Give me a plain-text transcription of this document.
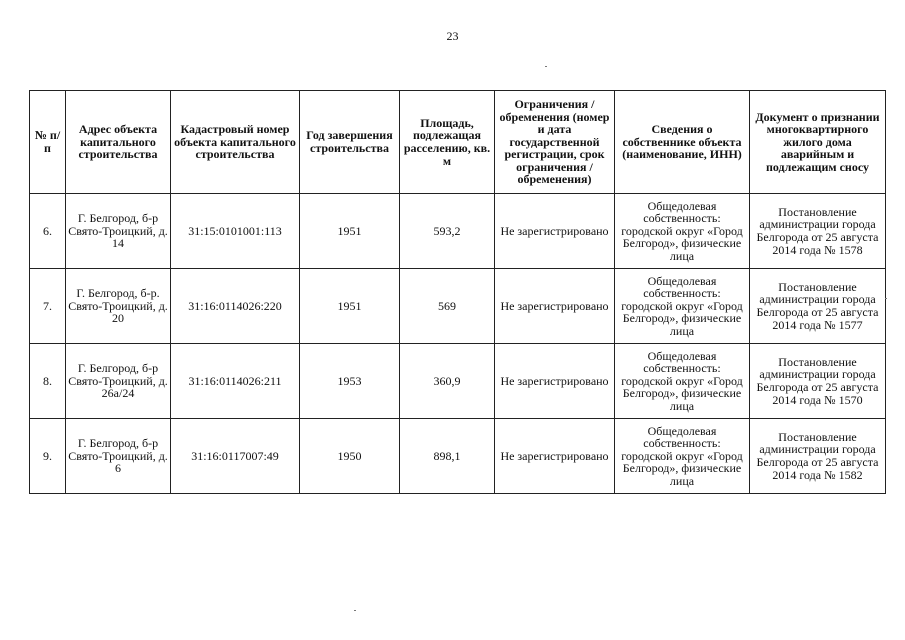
23
№ п/п	Адрес объекта капитального строительства	Кадастровый номер объекта капитального строительства	Год завершения строительства	Площадь, подлежащая расселению, кв. м	Ограничения / обременения (номер и дата государственной регистрации, срок ограничения / обременения)	Сведения о собственнике объекта (наименование, ИНН)	Документ о признании многоквартирного жилого дома аварийным и подлежащим сносу
6.	Г. Белгород, б-р Свято-Троицкий, д. 14	31:15:0101001:113	1951	593,2	Не зарегистрировано	Общедолевая собственность: городской округ «Город Белгород», физические лица	Постановление администрации города Белгорода от 25 августа 2014 года № 1578
7.	Г. Белгород, б-р. Свято-Троицкий, д. 20	31:16:0114026:220	1951	569	Не зарегистрировано	Общедолевая собственность: городской округ «Город Белгород», физические лица	Постановление администрации города Белгорода от 25 августа 2014 года № 1577
8.	Г. Белгород, б-р Свято-Троицкий, д. 26а/24	31:16:0114026:211	1953	360,9	Не зарегистрировано	Общедолевая собственность: городской округ «Город Белгород», физические лица	Постановление администрации города Белгорода от 25 августа 2014 года № 1570
9.	Г. Белгород, б-р Свято-Троицкий, д. 6	31:16:0117007:49	1950	898,1	Не зарегистрировано	Общедолевая собственность: городской округ «Город Белгород», физические лица	Постановление администрации города Белгорода от 25 августа 2014 года № 1582
